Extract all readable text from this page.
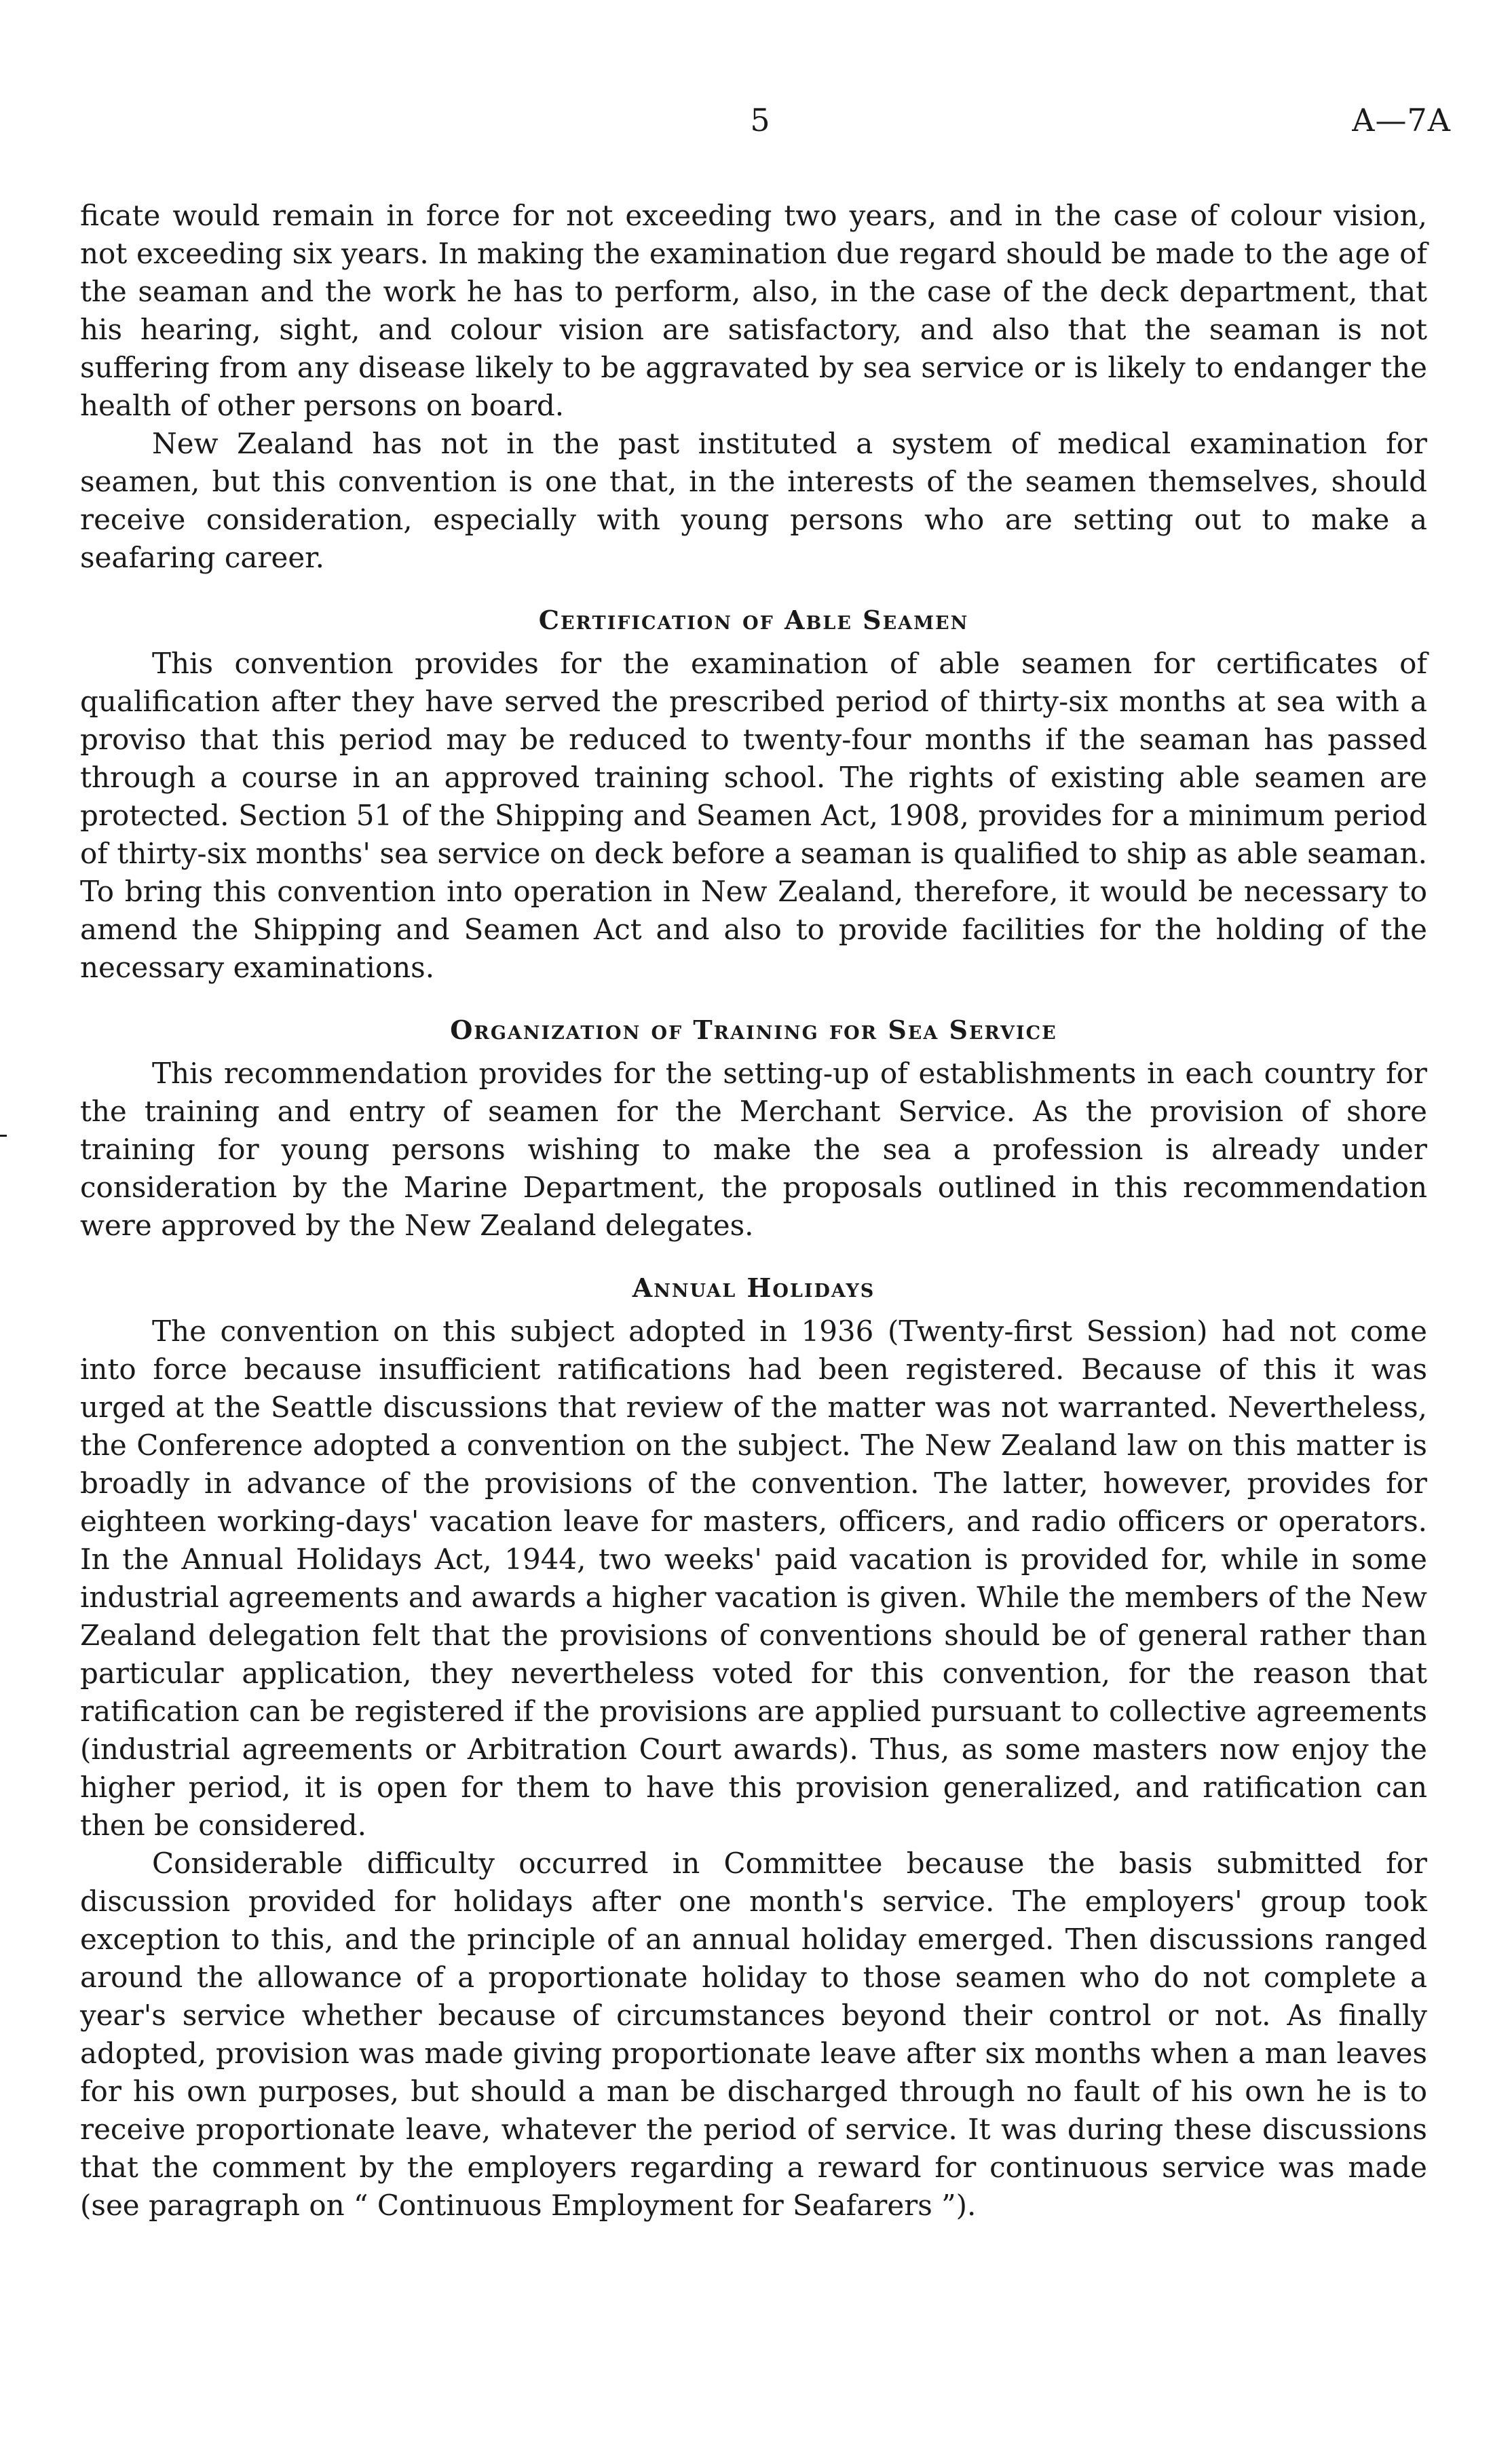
5	A—7A

ficate would remain in force for not exceeding two years, and in the case of colour vision, not exceeding six years. In making the examination due regard should be made to the age of the seaman and the work he has to perform, also, in the case of the deck department, that his hearing, sight, and colour vision are satisfactory, and also that the seaman is not suffering from any disease likely to be aggravated by sea service or is likely to endanger the health of other persons on board.

New Zealand has not in the past instituted a system of medical examination for seamen, but this convention is one that, in the interests of the seamen themselves, should receive consideration, especially with young persons who are setting out to make a seafaring career.

Certification of Able Seamen

This convention provides for the examination of able seamen for certificates of qualification after they have served the prescribed period of thirty-six months at sea with a proviso that this period may be reduced to twenty-four months if the seaman has passed through a course in an approved training school. The rights of existing able seamen are protected. Section 51 of the Shipping and Seamen Act, 1908, provides for a minimum period of thirty-six months' sea service on deck before a seaman is qualified to ship as able seaman. To bring this convention into operation in New Zealand, therefore, it would be necessary to amend the Shipping and Seamen Act and also to provide facilities for the holding of the necessary examinations.

Organization of Training for Sea Service

This recommendation provides for the setting-up of establishments in each country for the training and entry of seamen for the Merchant Service. As the provision of shore training for young persons wishing to make the sea a profession is already under consideration by the Marine Department, the proposals outlined in this recommendation were approved by the New Zealand delegates.

Annual Holidays

The convention on this subject adopted in 1936 (Twenty-first Session) had not come into force because insufficient ratifications had been registered. Because of this it was urged at the Seattle discussions that review of the matter was not warranted. Nevertheless, the Conference adopted a convention on the subject. The New Zealand law on this matter is broadly in advance of the provisions of the convention. The latter, however, provides for eighteen working-days' vacation leave for masters, officers, and radio officers or operators. In the Annual Holidays Act, 1944, two weeks' paid vacation is provided for, while in some industrial agreements and awards a higher vacation is given. While the members of the New Zealand delegation felt that the provisions of conventions should be of general rather than particular application, they nevertheless voted for this convention, for the reason that ratification can be registered if the provisions are applied pursuant to collective agreements (industrial agreements or Arbitration Court awards). Thus, as some masters now enjoy the higher period, it is open for them to have this provision generalized, and ratification can then be considered.

Considerable difficulty occurred in Committee because the basis submitted for discussion provided for holidays after one month's service. The employers' group took exception to this, and the principle of an annual holiday emerged. Then discussions ranged around the allowance of a proportionate holiday to those seamen who do not complete a year's service whether because of circumstances beyond their control or not. As finally adopted, provision was made giving proportionate leave after six months when a man leaves for his own purposes, but should a man be discharged through no fault of his own he is to receive proportionate leave, whatever the period of service. It was during these discussions that the comment by the employers regarding a reward for continuous service was made (see paragraph on “ Continuous Employment for Seafarers ”).
